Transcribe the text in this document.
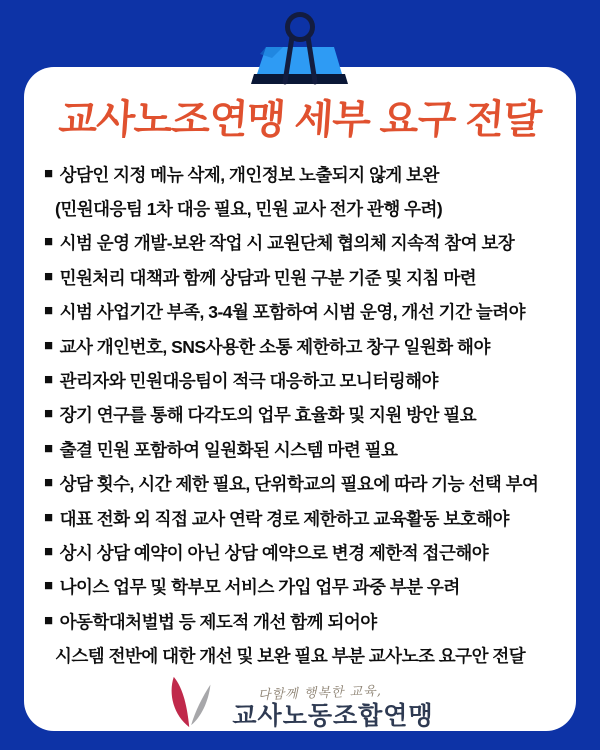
교사노조연맹 세부 요구 전달
■ 상담인 지정 메뉴 삭제, 개인정보 노출되지 않게 보완
(민원대응팀 1차 대응 필요, 민원 교사 전가 관행 우려)
■ 시범 운영 개발-보완 작업 시 교원단체 협의체 지속적 참여 보장
■ 민원처리 대책과 함께 상담과 민원 구분 기준 및 지침 마련
■ 시범 사업기간 부족, 3-4월 포함하여 시범 운영, 개선 기간 늘려야
■ 교사 개인번호, SNS사용한 소통 제한하고 창구 일원화 해야
■ 관리자와 민원대응팀이 적극 대응하고 모니터링해야
■ 장기 연구를 통해 다각도의 업무 효율화 및 지원 방안 필요
■ 출결 민원 포함하여 일원화된 시스템 마련 필요
■ 상담 횟수, 시간 제한 필요, 단위학교의 필요에 따라 기능 선택 부여
■ 대표 전화 외 직접 교사 연락 경로 제한하고 교육활동 보호해야
■ 상시 상담 예약이 아닌 상담 예약으로 변경 제한적 접근해야
■ 나이스 업무 및 학부모 서비스 가입 업무 과중 부분 우려
■ 아동학대처벌법 등 제도적 개선 함께 되어야
시스템 전반에 대한 개선 및 보완 필요 부분 교사노조 요구안 전달
다함께 행복한 교육,
교사노동조합연맹
